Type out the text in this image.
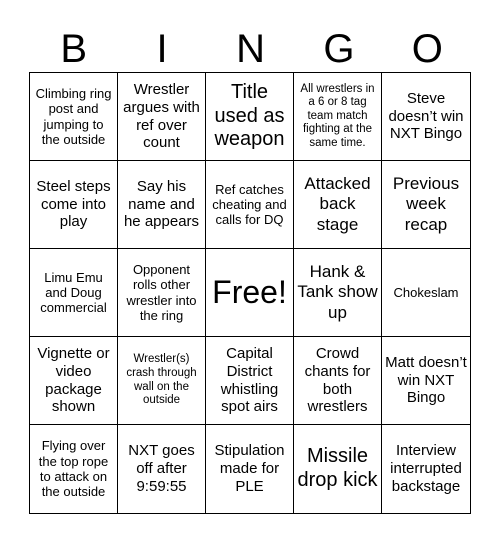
B	I	N	G	O
Climbing ring post and jumping to the outside
Wrestler argues with ref over count
Title used as weapon
All wrestlers in a 6 or 8 tag team match fighting at the same time.
Steve doesn’t win NXT Bingo
Steel steps come into play
Say his name and he appears
Ref catches cheating and calls for DQ
Attacked back stage
Previous week recap
Limu Emu and Doug commercial
Opponent rolls other wrestler into the ring
Free!
Hank & Tank show up
Chokeslam
Vignette or video package shown
Wrestler(s) crash through wall on the outside
Capital District whistling spot airs
Crowd chants for both wrestlers
Matt doesn’t win NXT Bingo
Flying over the top rope to attack on the outside
NXT goes off after 9:59:55
Stipulation made for PLE
Missile drop kick
Interview interrupted backstage
